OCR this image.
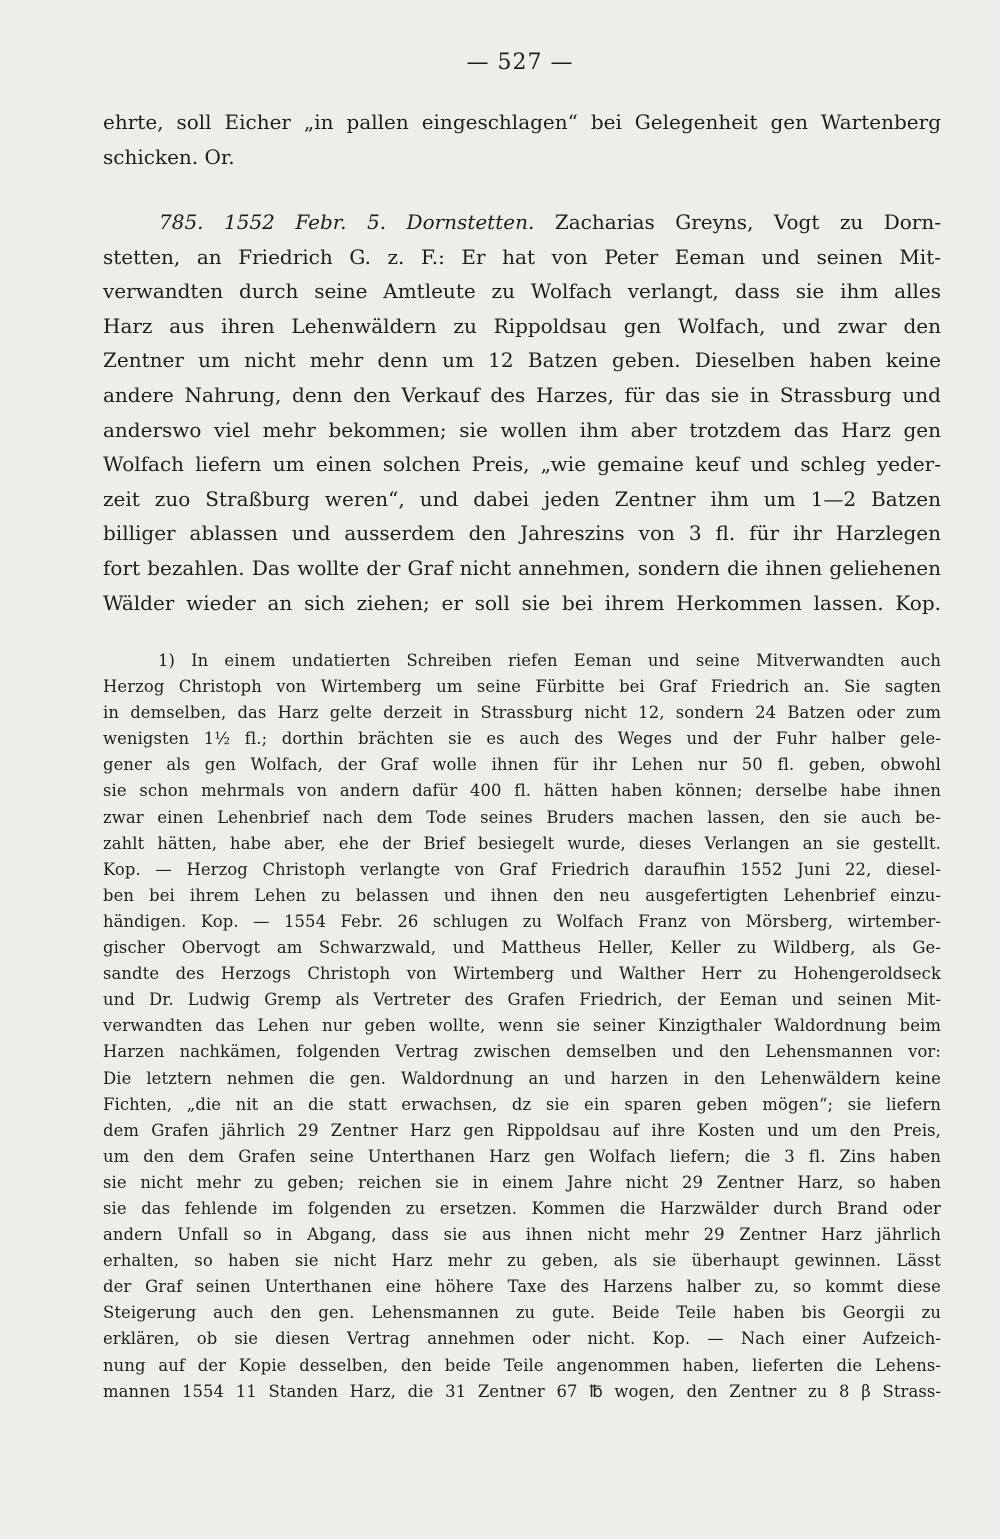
— 527 —
ehrte, soll Eicher „in pallen eingeschlagen“ bei Gelegenheit gen Wartenberg
schicken. Or.
785. 1552 Febr. 5. Dornstetten. Zacharias Greyns, Vogt zu Dorn-
stetten, an Friedrich G. z. F.: Er hat von Peter Eeman und seinen Mit-
verwandten durch seine Amtleute zu Wolfach verlangt, dass sie ihm alles
Harz aus ihren Lehenwäldern zu Rippoldsau gen Wolfach, und zwar den
Zentner um nicht mehr denn um 12 Batzen geben. Dieselben haben keine
andere Nahrung, denn den Verkauf des Harzes, für das sie in Strassburg und
anderswo viel mehr bekommen; sie wollen ihm aber trotzdem das Harz gen
Wolfach liefern um einen solchen Preis, „wie gemaine keuf und schleg yeder-
zeit zuo Straßburg weren“, und dabei jeden Zentner ihm um 1—2 Batzen
billiger ablassen und ausserdem den Jahreszins von 3 fl. für ihr Harzlegen
fort bezahlen. Das wollte der Graf nicht annehmen, sondern die ihnen geliehenen
Wälder wieder an sich ziehen; er soll sie bei ihrem Herkommen lassen. Kop.
1) In einem undatierten Schreiben riefen Eeman und seine Mitverwandten auch
Herzog Christoph von Wirtemberg um seine Fürbitte bei Graf Friedrich an. Sie sagten
in demselben, das Harz gelte derzeit in Strassburg nicht 12, sondern 24 Batzen oder zum
wenigsten 1½ fl.; dorthin brächten sie es auch des Weges und der Fuhr halber gele-
gener als gen Wolfach, der Graf wolle ihnen für ihr Lehen nur 50 fl. geben, obwohl
sie schon mehrmals von andern dafür 400 fl. hätten haben können; derselbe habe ihnen
zwar einen Lehenbrief nach dem Tode seines Bruders machen lassen, den sie auch be-
zahlt hätten, habe aber, ehe der Brief besiegelt wurde, dieses Verlangen an sie gestellt.
Kop. — Herzog Christoph verlangte von Graf Friedrich daraufhin 1552 Juni 22, diesel-
ben bei ihrem Lehen zu belassen und ihnen den neu ausgefertigten Lehenbrief einzu-
händigen. Kop. — 1554 Febr. 26 schlugen zu Wolfach Franz von Mörsberg, wirtember-
gischer Obervogt am Schwarzwald, und Mattheus Heller, Keller zu Wildberg, als Ge-
sandte des Herzogs Christoph von Wirtemberg und Walther Herr zu Hohengeroldseck
und Dr. Ludwig Gremp als Vertreter des Grafen Friedrich, der Eeman und seinen Mit-
verwandten das Lehen nur geben wollte, wenn sie seiner Kinzigthaler Waldordnung beim
Harzen nachkämen, folgenden Vertrag zwischen demselben und den Lehensmannen vor:
Die letztern nehmen die gen. Waldordnung an und harzen in den Lehenwäldern keine
Fichten, „die nit an die statt erwachsen, dz sie ein sparen geben mögen“; sie liefern
dem Grafen jährlich 29 Zentner Harz gen Rippoldsau auf ihre Kosten und um den Preis,
um den dem Grafen seine Unterthanen Harz gen Wolfach liefern; die 3 fl. Zins haben
sie nicht mehr zu geben; reichen sie in einem Jahre nicht 29 Zentner Harz, so haben
sie das fehlende im folgenden zu ersetzen. Kommen die Harzwälder durch Brand oder
andern Unfall so in Abgang, dass sie aus ihnen nicht mehr 29 Zentner Harz jährlich
erhalten, so haben sie nicht Harz mehr zu geben, als sie überhaupt gewinnen. Lässt
der Graf seinen Unterthanen eine höhere Taxe des Harzens halber zu, so kommt diese
Steigerung auch den gen. Lehensmannen zu gute. Beide Teile haben bis Georgii zu
erklären, ob sie diesen Vertrag annehmen oder nicht. Kop. — Nach einer Aufzeich-
nung auf der Kopie desselben, den beide Teile angenommen haben, lieferten die Lehens-
mannen 1554 11 Standen Harz, die 31 Zentner 67 ℔ wogen, den Zentner zu 8 β Strass-
